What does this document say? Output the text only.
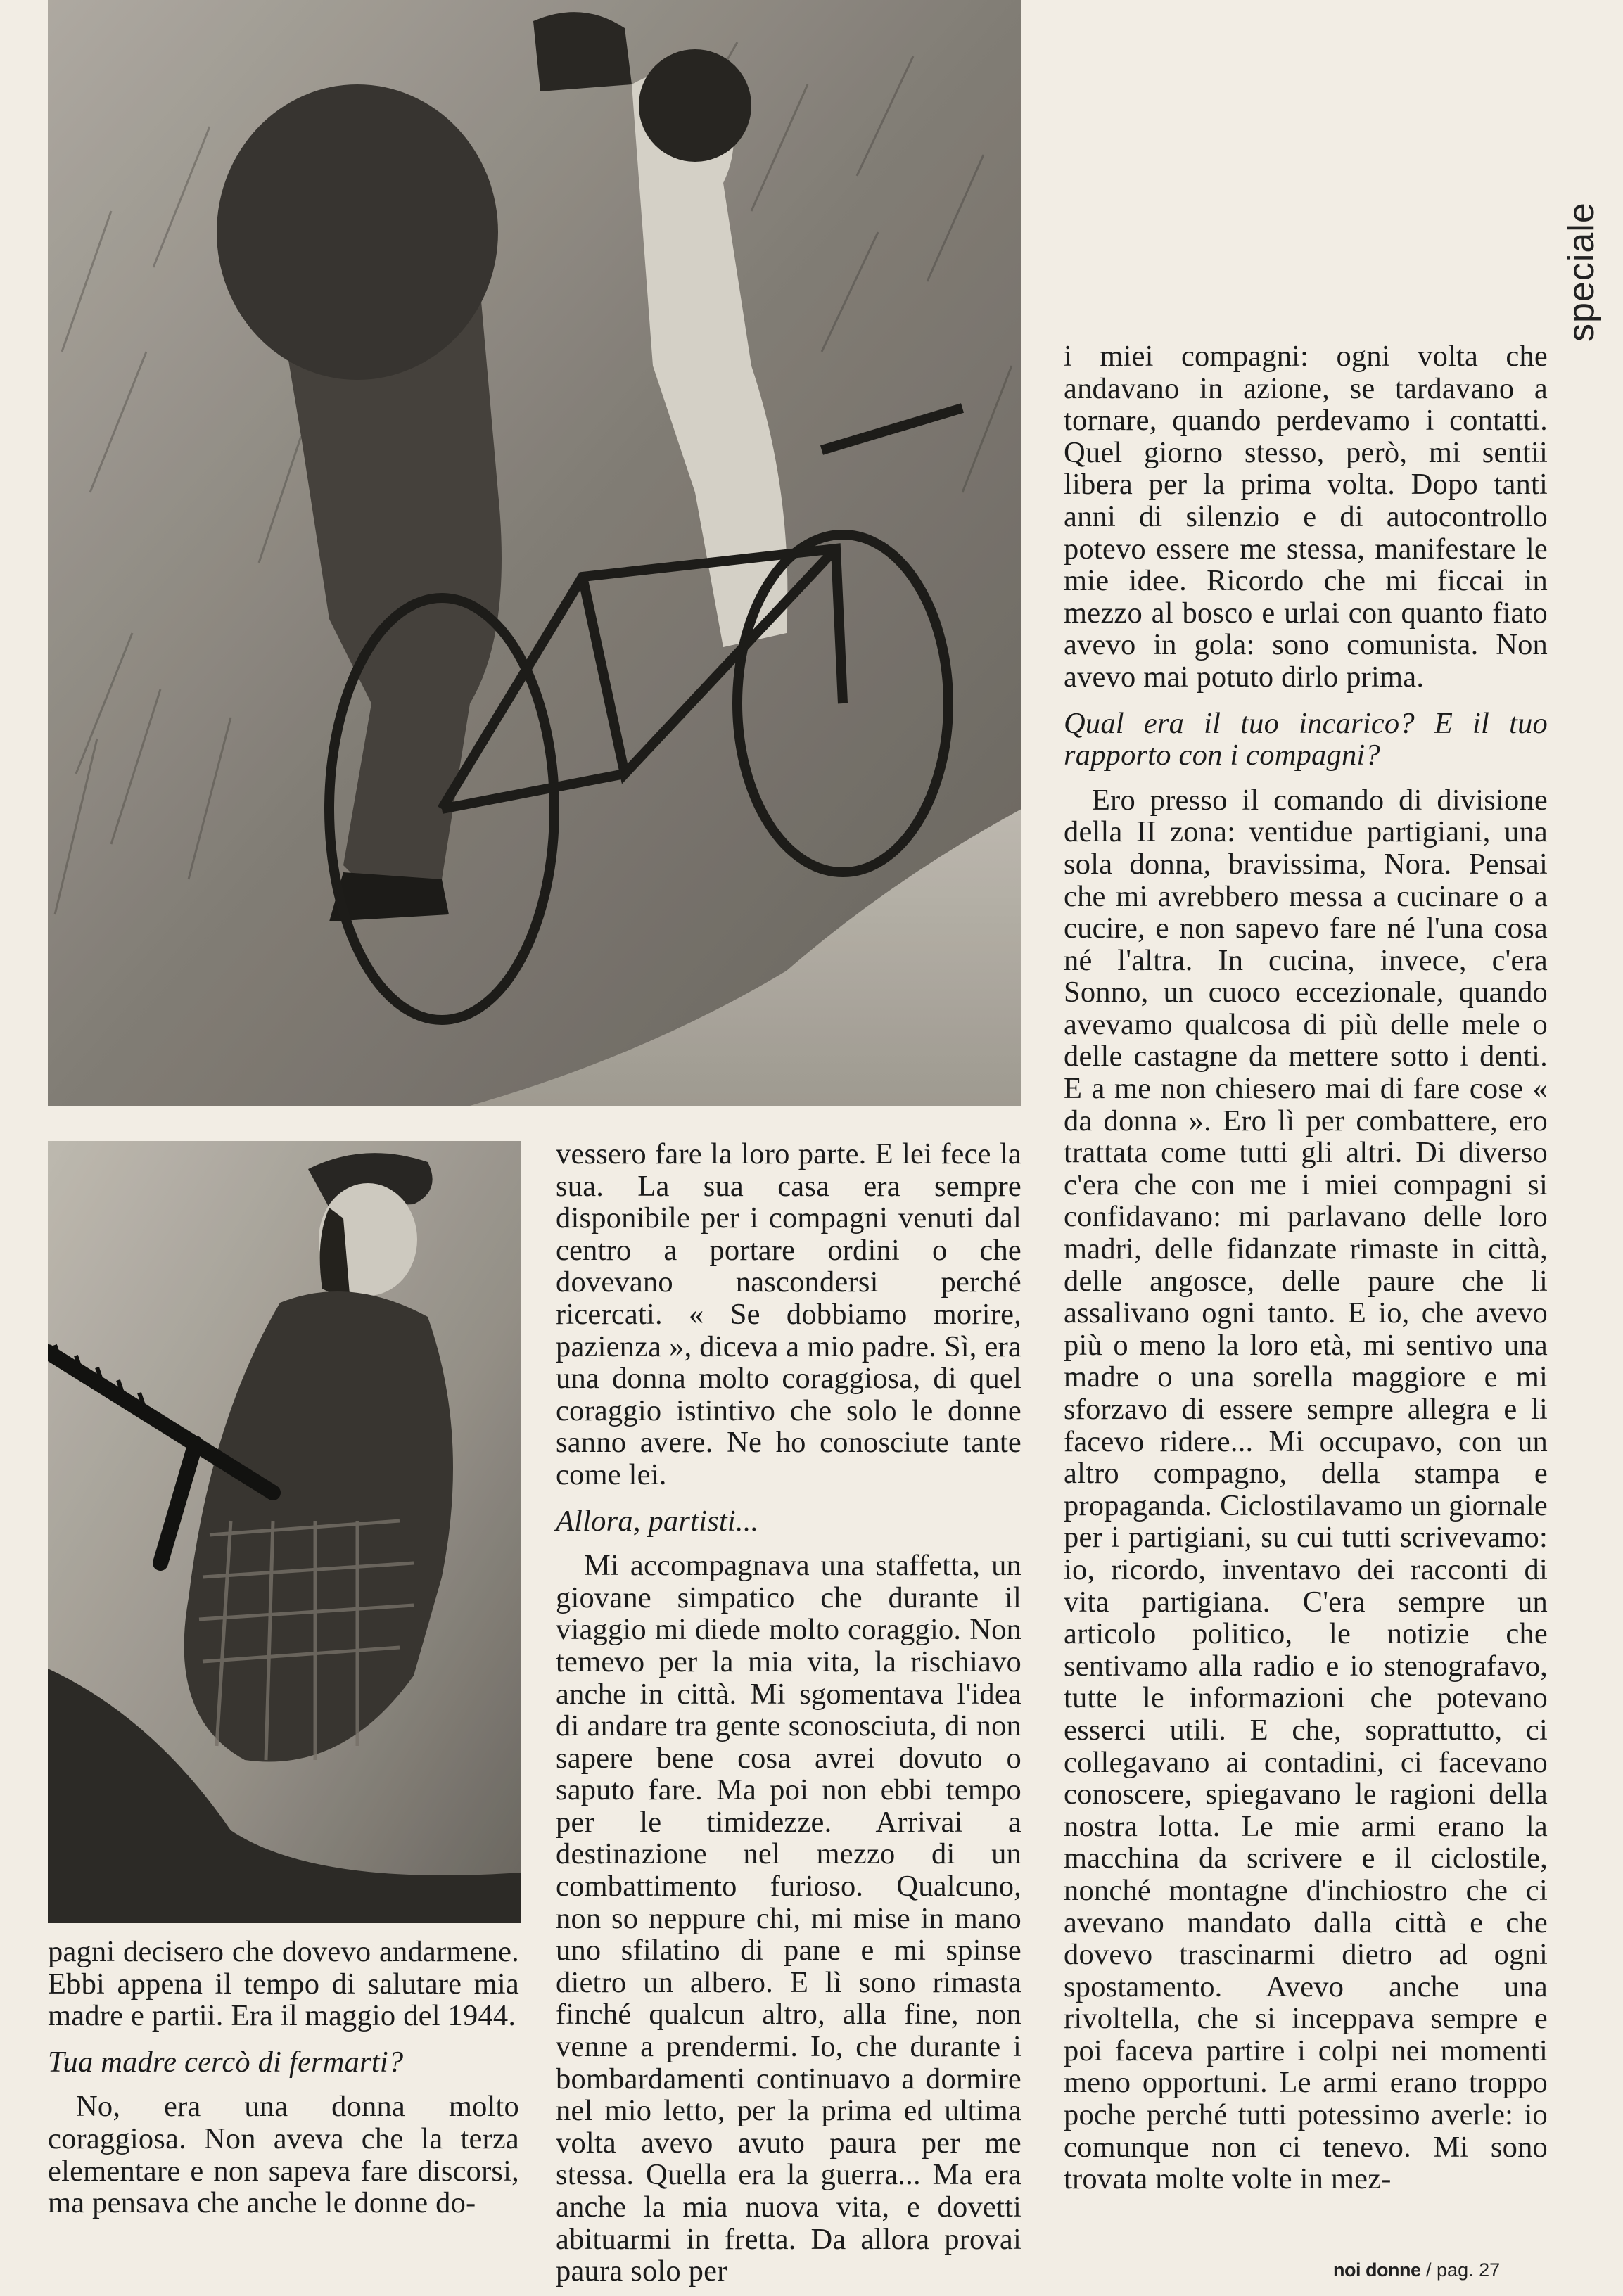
speciale

pagni decisero che dovevo andarmene. Ebbi appena il tempo di salutare mia madre e partii. Era il maggio del 1944.

Tua madre cercò di fermarti?

No, era una donna molto coraggiosa. Non aveva che la terza elementare e non sapeva fare discorsi, ma pensava che anche le donne do-

vessero fare la loro parte. E lei fece la sua. La sua casa era sempre disponibile per i compagni venuti dal centro a portare ordini o che dovevano nascondersi perché ricercati. « Se dobbiamo morire, pazienza », diceva a mio padre. Sì, era una donna molto coraggiosa, di quel coraggio istintivo che solo le donne sanno avere. Ne ho conosciute tante come lei.

Allora, partisti...

Mi accompagnava una staffetta, un giovane simpatico che durante il viaggio mi diede molto coraggio. Non temevo per la mia vita, la rischiavo anche in città. Mi sgomentava l'idea di andare tra gente sconosciuta, di non sapere bene cosa avrei dovuto o saputo fare. Ma poi non ebbi tempo per le timidezze. Arrivai a destinazione nel mezzo di un combattimento furioso. Qualcuno, non so neppure chi, mi mise in mano uno sfilatino di pane e mi spinse dietro un albero. E lì sono rimasta finché qualcun altro, alla fine, non venne a prendermi. Io, che durante i bombardamenti continuavo a dormire nel mio letto, per la prima ed ultima volta avevo avuto paura per me stessa. Quella era la guerra... Ma era anche la mia nuova vita, e dovetti abituarmi in fretta. Da allora provai paura solo per

i miei compagni: ogni volta che andavano in azione, se tardavano a tornare, quando perdevamo i contatti. Quel giorno stesso, però, mi sentii libera per la prima volta. Dopo tanti anni di silenzio e di autocontrollo potevo essere me stessa, manifestare le mie idee. Ricordo che mi ficcai in mezzo al bosco e urlai con quanto fiato avevo in gola: sono comunista. Non avevo mai potuto dirlo prima.

Qual era il tuo incarico? E il tuo rapporto con i compagni?

Ero presso il comando di divisione della II zona: ventidue partigiani, una sola donna, bravissima, Nora. Pensai che mi avrebbero messa a cucinare o a cucire, e non sapevo fare né l'una cosa né l'altra. In cucina, invece, c'era Sonno, un cuoco eccezionale, quando avevamo qualcosa di più delle mele o delle castagne da mettere sotto i denti. E a me non chiesero mai di fare cose « da donna ». Ero lì per combattere, ero trattata come tutti gli altri. Di diverso c'era che con me i miei compagni si confidavano: mi parlavano delle loro madri, delle fidanzate rimaste in città, delle angosce, delle paure che li assalivano ogni tanto. E io, che avevo più o meno la loro età, mi sentivo una madre o una sorella maggiore e mi sforzavo di essere sempre allegra e li facevo ridere... Mi occupavo, con un altro compagno, della stampa e propaganda. Ciclostilavamo un giornale per i partigiani, su cui tutti scrivevamo: io, ricordo, inventavo dei racconti di vita partigiana. C'era sempre un articolo politico, le notizie che sentivamo alla radio e io stenografavo, tutte le informazioni che potevano esserci utili. E che, soprattutto, ci collegavano ai contadini, ci facevano conoscere, spiegavano le ragioni della nostra lotta. Le mie armi erano la macchina da scrivere e il ciclostile, nonché montagne d'inchiostro che ci avevano mandato dalla città e che dovevo trascinarmi dietro ad ogni spostamento. Avevo anche una rivoltella, che si inceppava sempre e poi faceva partire i colpi nei momenti meno opportuni. Le armi erano troppo poche perché tutti potessimo averle: io comunque non ci tenevo. Mi sono trovata molte volte in mez-

noi donne / pag. 27
